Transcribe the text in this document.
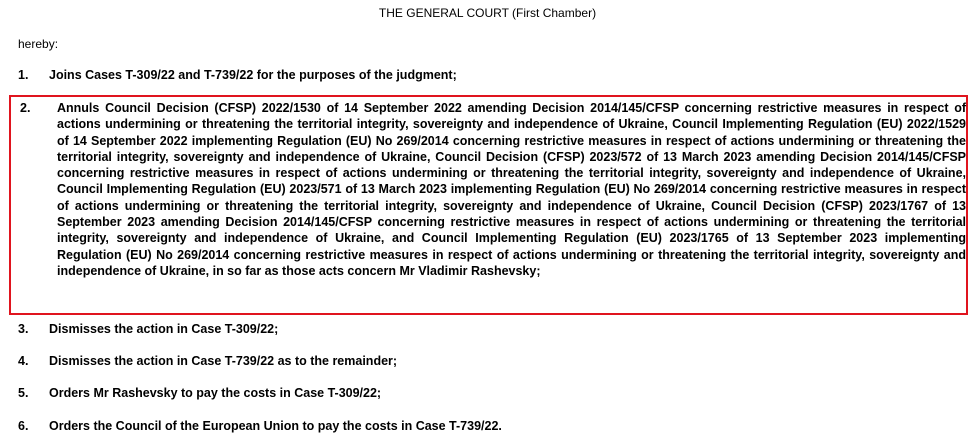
THE GENERAL COURT (First Chamber)
hereby:
1. Joins Cases T-309/22 and T-739/22 for the purposes of the judgment;
2. Annuls Council Decision (CFSP) 2022/1530 of 14 September 2022 amending Decision 2014/145/CFSP concerning restrictive measures in respect of actions undermining or threatening the territorial integrity, sovereignty and independence of Ukraine, Council Implementing Regulation (EU) 2022/1529 of 14 September 2022 implementing Regulation (EU) No 269/2014 concerning restrictive measures in respect of actions undermining or threatening the territorial integrity, sovereignty and independence of Ukraine, Council Decision (CFSP) 2023/572 of 13 March 2023 amending Decision 2014/145/CFSP concerning restrictive measures in respect of actions undermining or threatening the territorial integrity, sovereignty and independence of Ukraine, Council Implementing Regulation (EU) 2023/571 of 13 March 2023 implementing Regulation (EU) No 269/2014 concerning restrictive measures in respect of actions undermining or threatening the territorial integrity, sovereignty and independence of Ukraine, Council Decision (CFSP) 2023/1767 of 13 September 2023 amending Decision 2014/145/CFSP concerning restrictive measures in respect of actions undermining or threatening the territorial integrity, sovereignty and independence of Ukraine, and Council Implementing Regulation (EU) 2023/1765 of 13 September 2023 implementing Regulation (EU) No 269/2014 concerning restrictive measures in respect of actions undermining or threatening the territorial integrity, sovereignty and independence of Ukraine, in so far as those acts concern Mr Vladimir Rashevsky;
3. Dismisses the action in Case T-309/22;
4. Dismisses the action in Case T-739/22 as to the remainder;
5. Orders Mr Rashevsky to pay the costs in Case T-309/22;
6. Orders the Council of the European Union to pay the costs in Case T-739/22.
